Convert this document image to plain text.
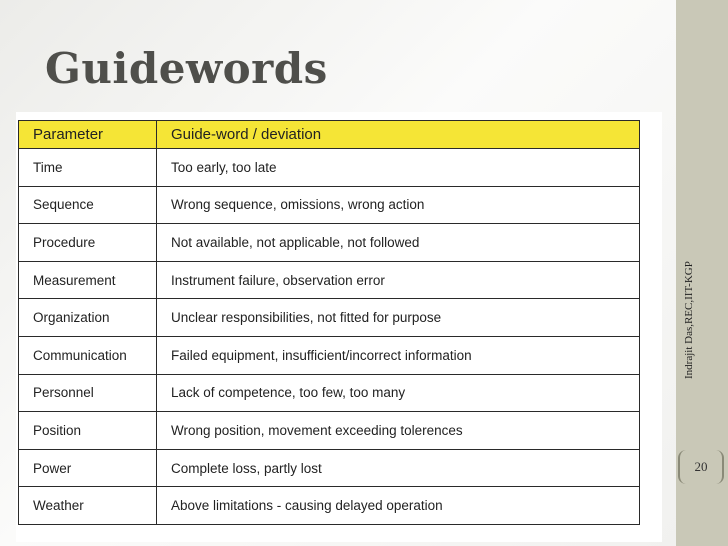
Guidewords
Parameter	Guide-word / deviation
Time	Too early, too late
Sequence	Wrong sequence, omissions, wrong action
Procedure	Not available, not applicable, not followed
Measurement	Instrument failure, observation error
Organization	Unclear responsibilities, not fitted for purpose
Communication	Failed equipment, insufficient/incorrect information
Personnel	Lack of competence, too few, too many
Position	Wrong position, movement exceeding tolerences
Power	Complete loss, partly lost
Weather	Above limitations - causing delayed operation
Indrajit Das,REC,IIT-KGP
20
